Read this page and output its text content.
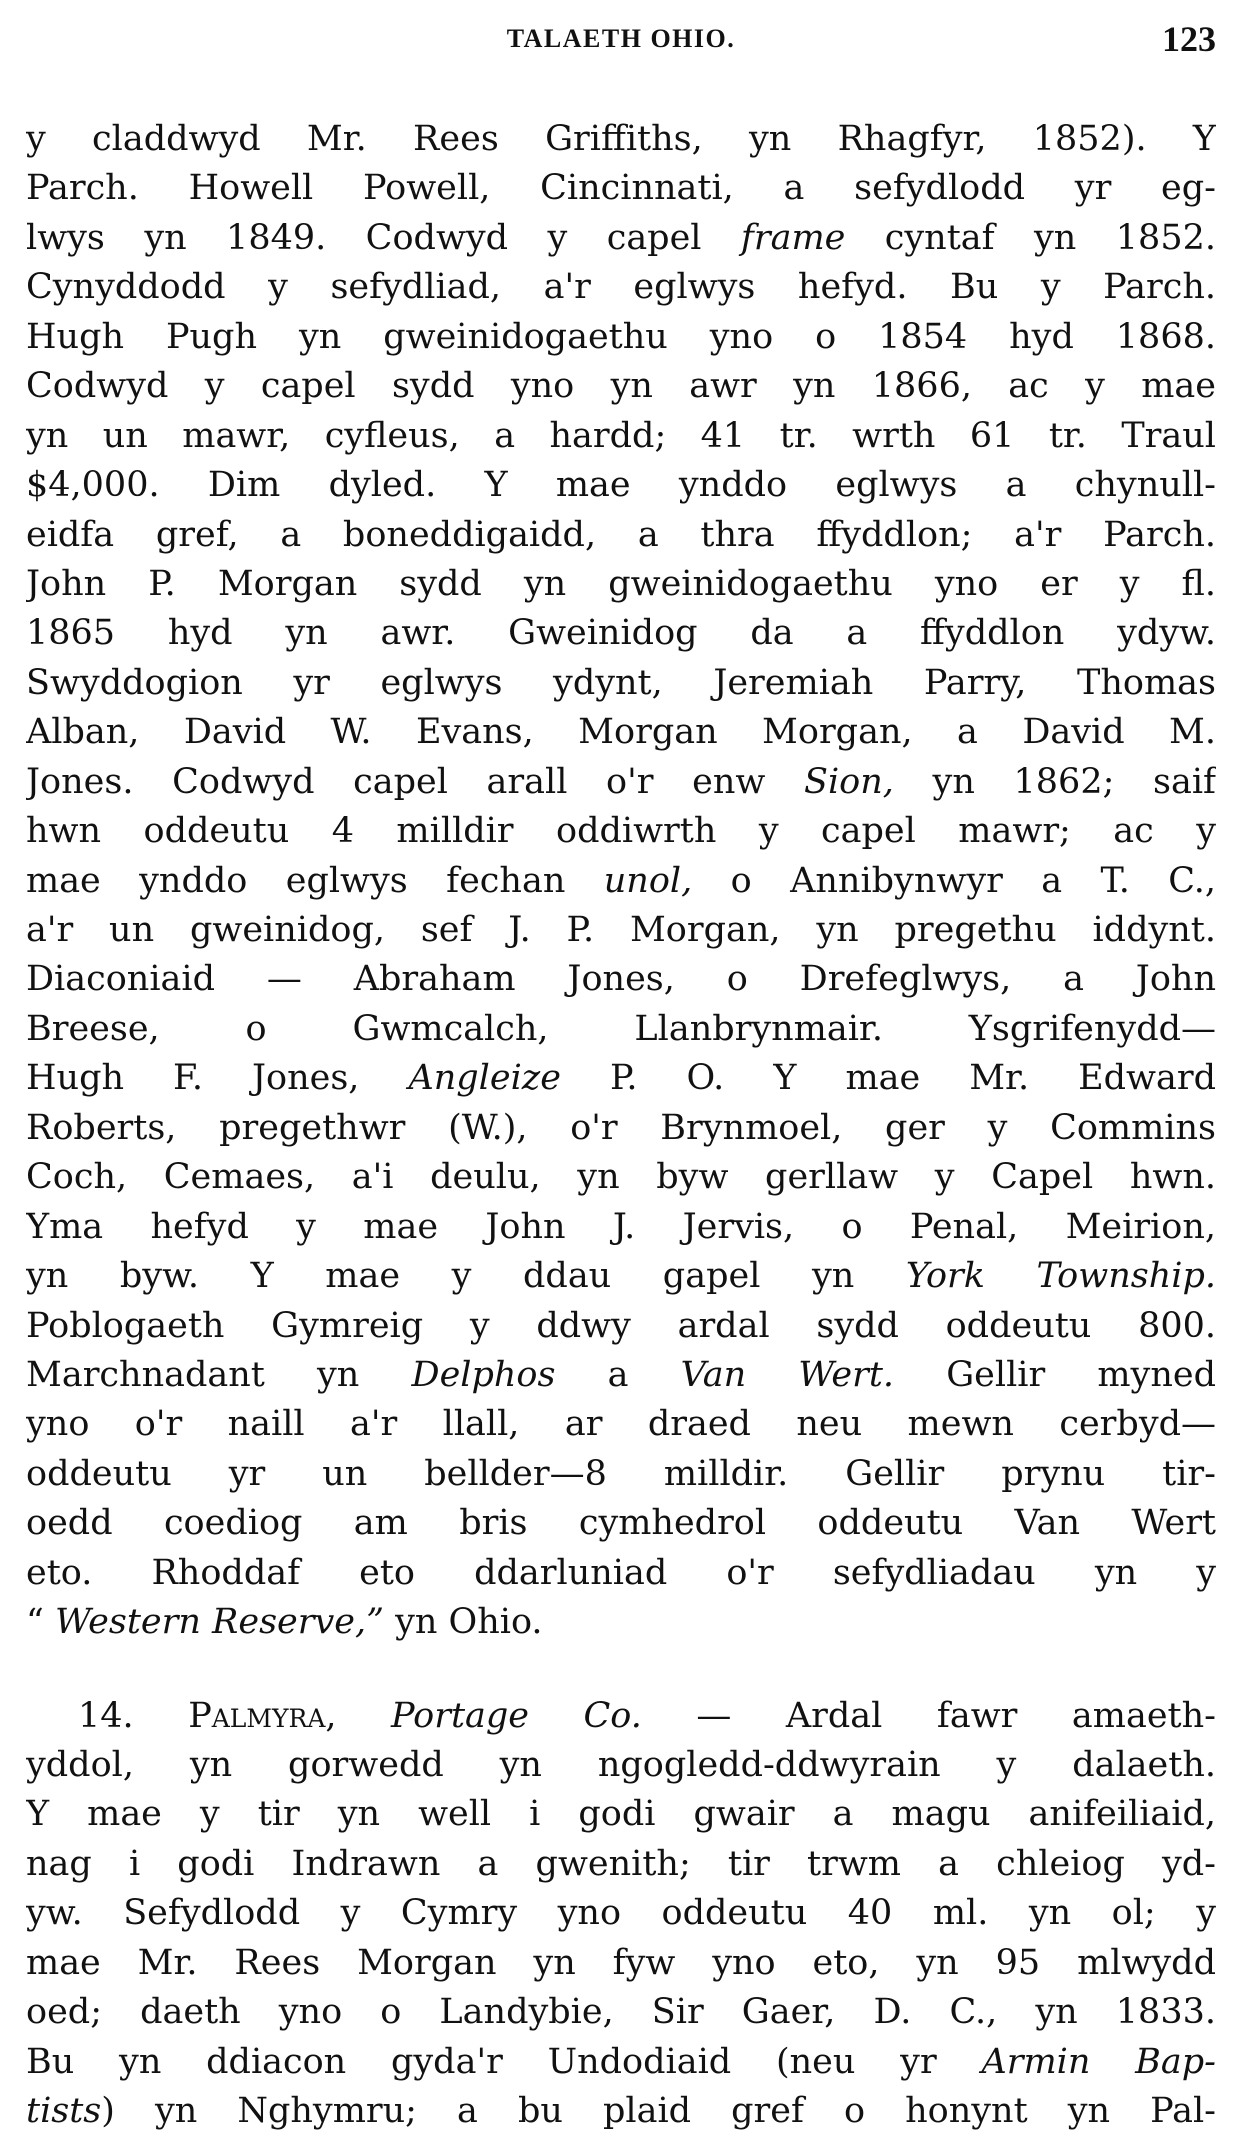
TALAETH OHIO.	123
y claddwyd Mr. Rees Griffiths, yn Rhagfyr, 1852). Y
Parch. Howell Powell, Cincinnati, a sefydlodd yr eg-
lwys yn 1849. Codwyd y capel frame cyntaf yn 1852.
Cynyddodd y sefydliad, a'r eglwys hefyd. Bu y Parch.
Hugh Pugh yn gweinidogaethu yno o 1854 hyd 1868.
Codwyd y capel sydd yno yn awr yn 1866, ac y mae
yn un mawr, cyfleus, a hardd; 41 tr. wrth 61 tr. Traul
$4,000. Dim dyled. Y mae ynddo eglwys a chynull-
eidfa gref, a boneddigaidd, a thra ffyddlon; a'r Parch.
John P. Morgan sydd yn gweinidogaethu yno er y fl.
1865 hyd yn awr. Gweinidog da a ffyddlon ydyw.
Swyddogion yr eglwys ydynt, Jeremiah Parry, Thomas
Alban, David W. Evans, Morgan Morgan, a David M.
Jones. Codwyd capel arall o'r enw Sion, yn 1862; saif
hwn oddeutu 4 milldir oddiwrth y capel mawr; ac y
mae ynddo eglwys fechan unol, o Annibynwyr a T. C.,
a'r un gweinidog, sef J. P. Morgan, yn pregethu iddynt.
Diaconiaid — Abraham Jones, o Drefeglwys, a John
Breese, o Gwmcalch, Llanbrynmair. Ysgrifenydd—
Hugh F. Jones, Angleize P. O. Y mae Mr. Edward
Roberts, pregethwr (W.), o'r Brynmoel, ger y Commins
Coch, Cemaes, a'i deulu, yn byw gerllaw y Capel hwn.
Yma hefyd y mae John J. Jervis, o Penal, Meirion,
yn byw. Y mae y ddau gapel yn York Township.
Poblogaeth Gymreig y ddwy ardal sydd oddeutu 800.
Marchnadant yn Delphos a Van Wert. Gellir myned
yno o'r naill a'r llall, ar draed neu mewn cerbyd—
oddeutu yr un bellder—8 milldir. Gellir prynu tir-
oedd coediog am bris cymhedrol oddeutu Van Wert
eto. Rhoddaf eto ddarluniad o'r sefydliadau yn y
“ Western Reserve,” yn Ohio.
14. Palmyra, Portage Co. — Ardal fawr amaeth-
yddol, yn gorwedd yn ngogledd-ddwyrain y dalaeth.
Y mae y tir yn well i godi gwair a magu anifeiliaid,
nag i godi Indrawn a gwenith; tir trwm a chleiog yd-
yw. Sefydlodd y Cymry yno oddeutu 40 ml. yn ol; y
mae Mr. Rees Morgan yn fyw yno eto, yn 95 mlwydd
oed; daeth yno o Landybie, Sir Gaer, D. C., yn 1833.
Bu yn ddiacon gyda'r Undodiaid (neu yr Armin Bap-
tists) yn Nghymru; a bu plaid gref o honynt yn Pal-
